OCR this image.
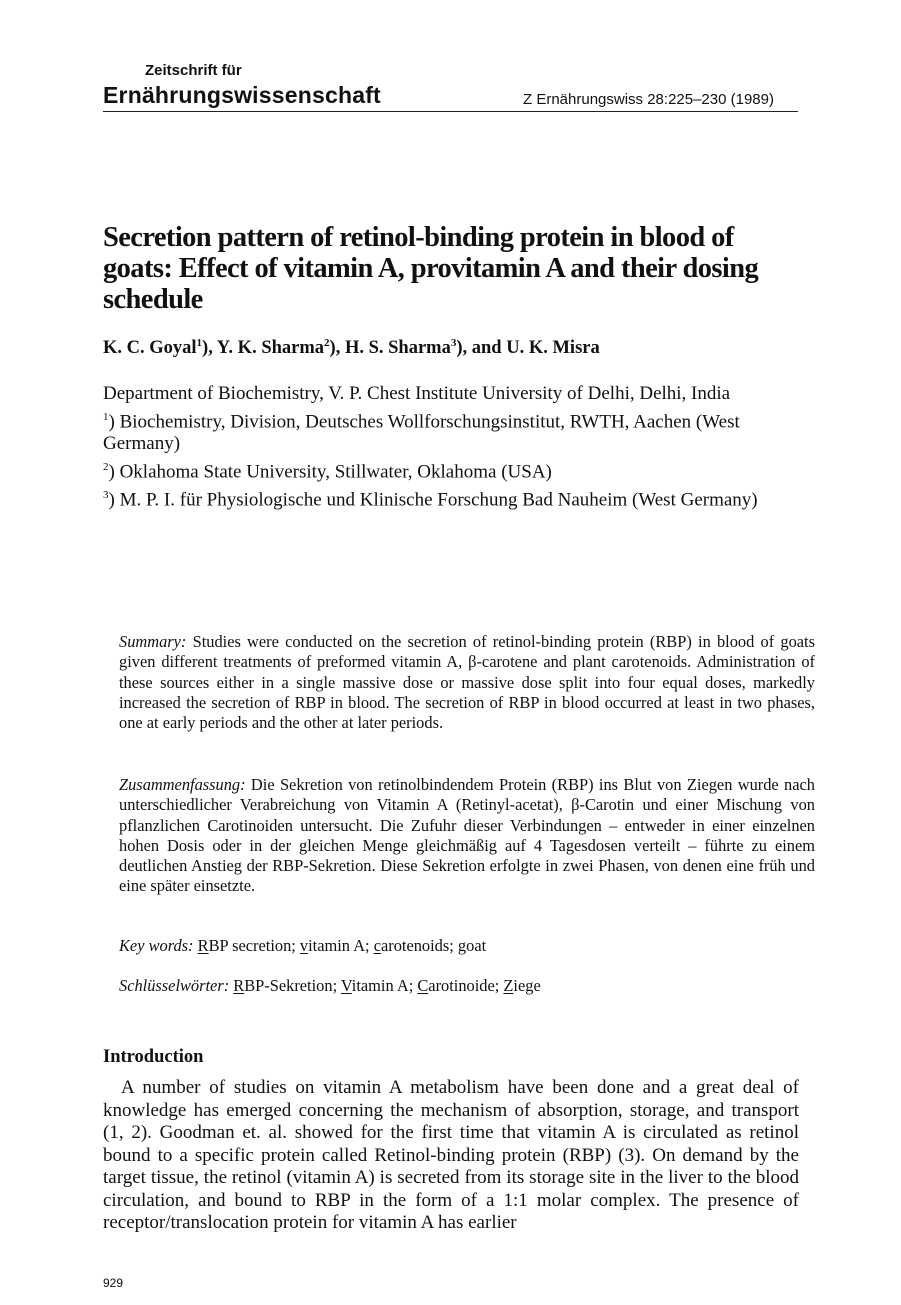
Zeitschrift für
Ernährungswissenschaft	Z Ernährungswiss 28:225–230 (1989)
Secretion pattern of retinol-binding protein in blood of goats: Effect of vitamin A, provitamin A and their dosing schedule
K. C. Goyal$^1$), Y. K. Sharma$^2$), H. S. Sharma$^3$), and U. K. Misra
Department of Biochemistry, V. P. Chest Institute University of Delhi, Delhi, India
$^1$) Biochemistry, Division, Deutsches Wollforschungsinstitut, RWTH, Aachen (West Germany)
$^2$) Oklahoma State University, Stillwater, Oklahoma (USA)
$^3$) M. P. I. für Physiologische und Klinische Forschung Bad Nauheim (West Germany)

Summary: Studies were conducted on the secretion of retinol-binding protein (RBP) in blood of goats given different treatments of preformed vitamin A, β-carotene and plant carotenoids. Administration of these sources either in a single massive dose or massive dose split into four equal doses, markedly increased the secretion of RBP in blood. The secretion of RBP in blood occurred at least in two phases, one at early periods and the other at later periods.

Zusammenfassung: Die Sekretion von retinolbindendem Protein (RBP) ins Blut von Ziegen wurde nach unterschiedlicher Verabreichung von Vitamin A (Retinyl-acetat), β-Carotin und einer Mischung von pflanzlichen Carotinoiden untersucht. Die Zufuhr dieser Verbindungen – entweder in einer einzelnen hohen Dosis oder in der gleichen Menge gleichmäßig auf 4 Tagesdosen verteilt – führte zu einem deutlichen Anstieg der RBP-Sekretion. Diese Sekretion erfolgte in zwei Phasen, von denen eine früh und eine später einsetzte.

Key words: RBP secretion; vitamin A; carotenoids; goat

Schlüsselwörter: RBP-Sekretion; Vitamin A; Carotinoide; Ziege

Introduction

A number of studies on vitamin A metabolism have been done and a great deal of knowledge has emerged concerning the mechanism of absorption, storage, and transport (1, 2). Goodman et. al. showed for the first time that vitamin A is circulated as retinol bound to a specific protein called Retinol-binding protein (RBP) (3). On demand by the target tissue, the retinol (vitamin A) is secreted from its storage site in the liver to the blood circulation, and bound to RBP in the form of a 1:1 molar complex. The presence of receptor/translocation protein for vitamin A has earlier

929
